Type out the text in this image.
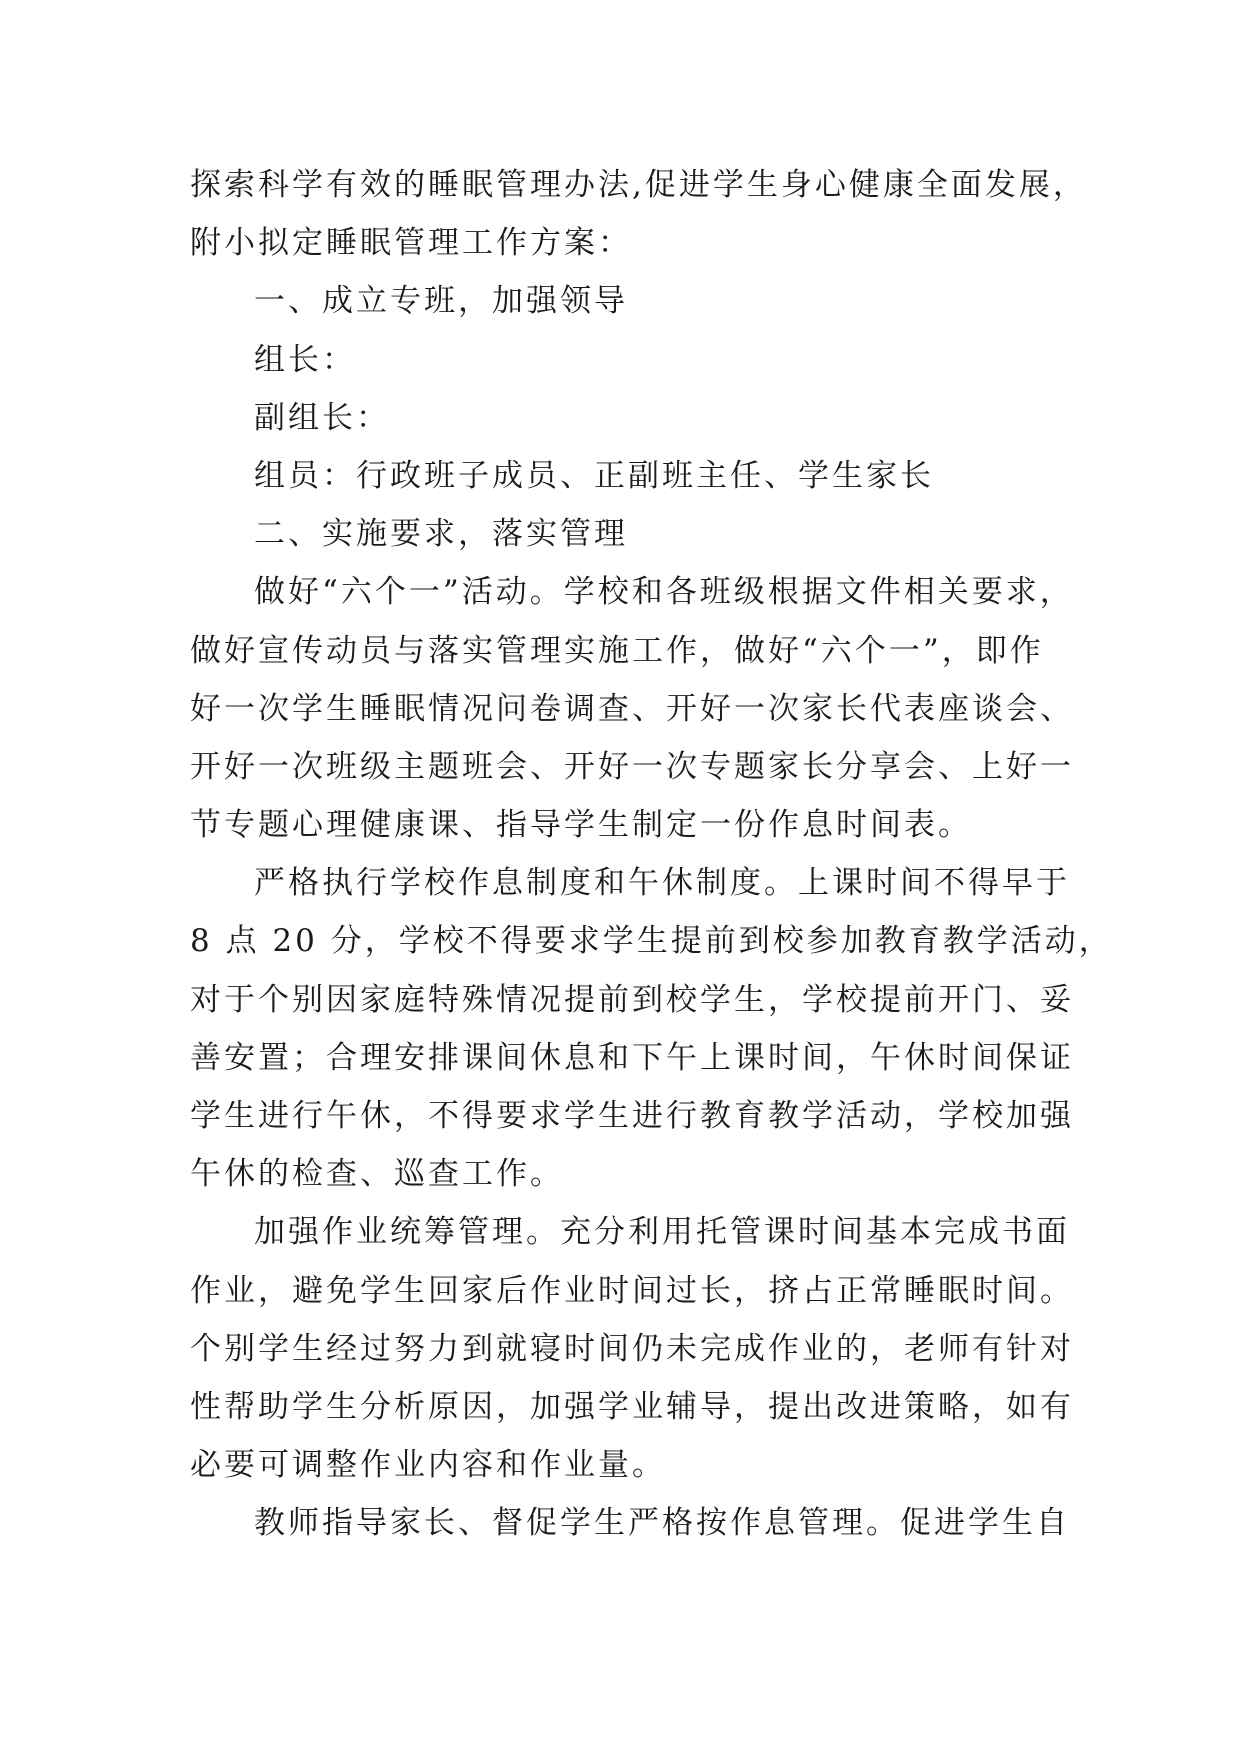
探索科学有效的睡眠管理办法,促进学生身心健康全面发展，
附小拟定睡眠管理工作方案：
一、成立专班，加强领导
组长：
副组长：
组员：行政班子成员、正副班主任、学生家长
二、实施要求，落实管理
做好“六个一”活动。学校和各班级根据文件相关要求，
做好宣传动员与落实管理实施工作，做好“六个一”，即作
好一次学生睡眠情况问卷调查、开好一次家长代表座谈会、
开好一次班级主题班会、开好一次专题家长分享会、上好一
节专题心理健康课、指导学生制定一份作息时间表。
严格执行学校作息制度和午休制度。上课时间不得早于
8 点 20 分，学校不得要求学生提前到校参加教育教学活动，
对于个别因家庭特殊情况提前到校学生，学校提前开门、妥
善安置；合理安排课间休息和下午上课时间，午休时间保证
学生进行午休，不得要求学生进行教育教学活动，学校加强
午休的检查、巡查工作。
加强作业统筹管理。充分利用托管课时间基本完成书面
作业，避免学生回家后作业时间过长，挤占正常睡眠时间。
个别学生经过努力到就寝时间仍未完成作业的，老师有针对
性帮助学生分析原因，加强学业辅导，提出改进策略，如有
必要可调整作业内容和作业量。
教师指导家长、督促学生严格按作息管理。促进学生自
